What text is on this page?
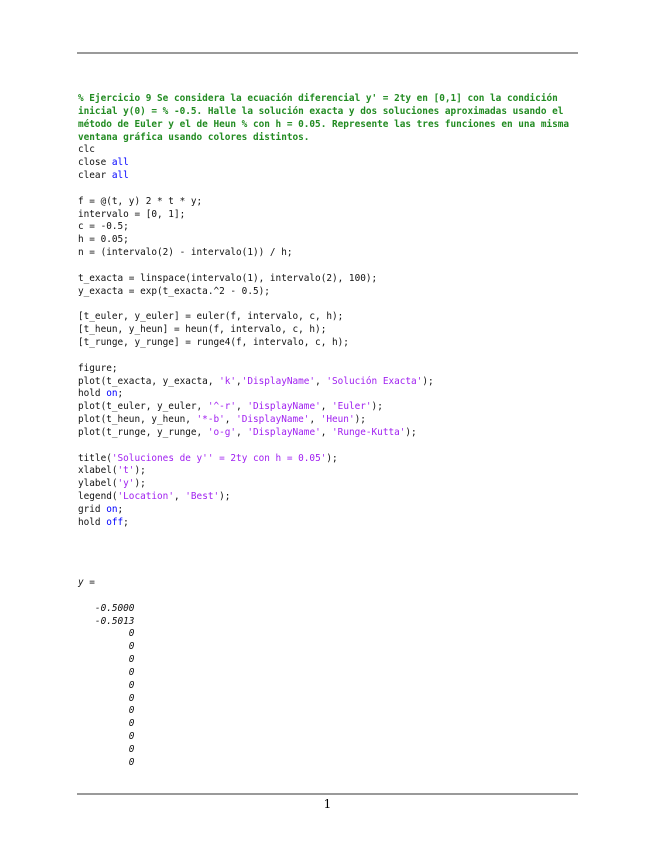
% Ejercicio 9 Se considera la ecuación diferencial y' = 2ty en [0,1] con la condición inicial y(0) = % -0.5. Halle la solución exacta y dos soluciones aproximadas usando el método de Euler y el de Heun % con h = 0.05. Represente las tres funciones en una misma ventana gráfica usando colores distintos.
clc
close all
clear all
f = @(t, y) 2 * t * y;
intervalo = [0, 1];
c = -0.5;
h = 0.05;
n = (intervalo(2) - intervalo(1)) / h;
t_exacta = linspace(intervalo(1), intervalo(2), 100);
y_exacta = exp(t_exacta.^2 - 0.5);
[t_euler, y_euler] = euler(f, intervalo, c, h);
[t_heun, y_heun] = heun(f, intervalo, c, h);
[t_runge, y_runge] = runge4(f, intervalo, c, h);
figure;
plot(t_exacta, y_exacta, 'k','DisplayName', 'Solución Exacta');
hold on;
plot(t_euler, y_euler, '^-r', 'DisplayName', 'Euler');
plot(t_heun, y_heun, '*-b', 'DisplayName', 'Heun');
plot(t_runge, y_runge, 'o-g', 'DisplayName', 'Runge-Kutta');
title('Soluciones de y'' = 2ty con h = 0.05');
xlabel('t');
ylabel('y');
legend('Location', 'Best');
grid on;
hold off;
y =
-0.5000
-0.5013
0
0
0
0
0
0
0
0
0
0
0
1
